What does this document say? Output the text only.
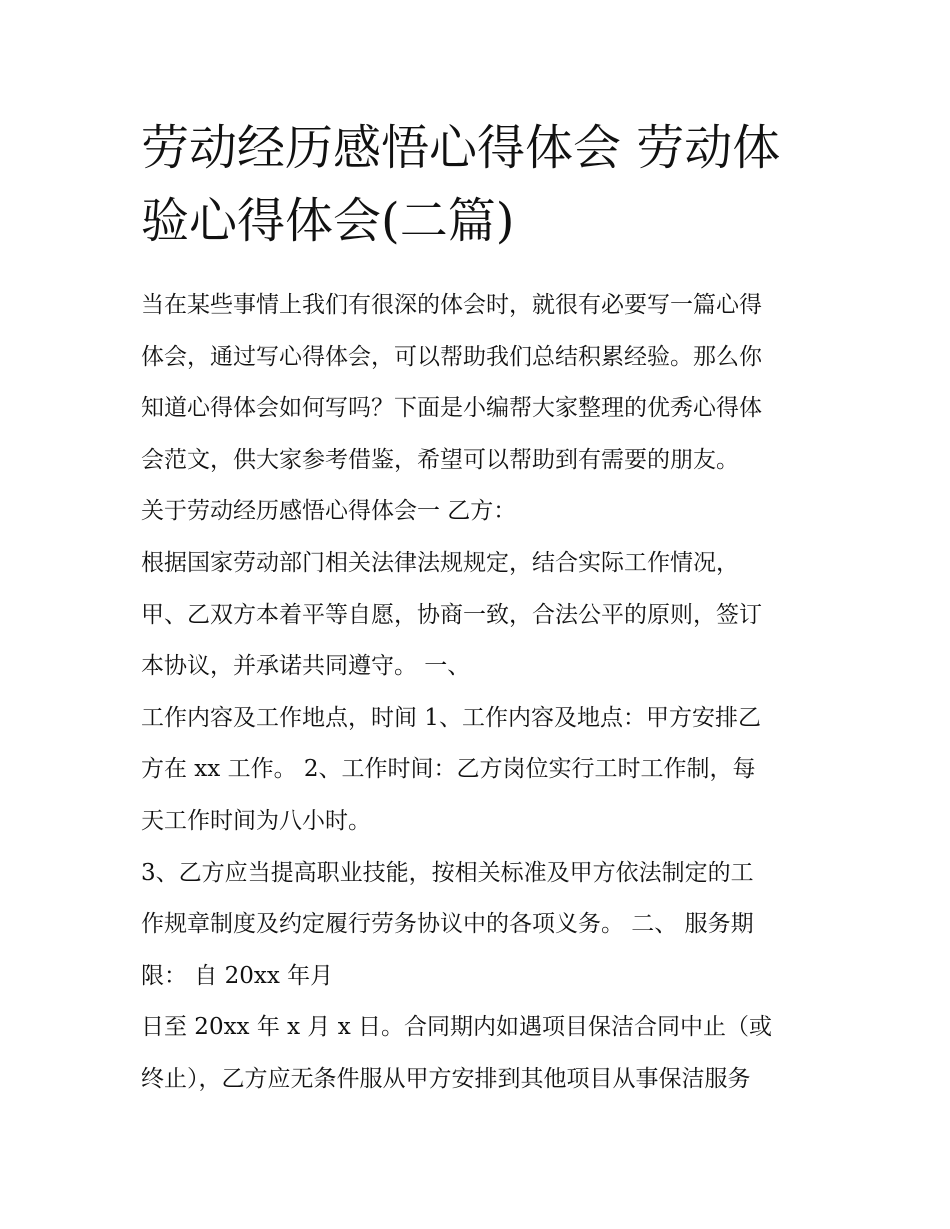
劳动经历感悟心得体会 劳动体验心得体会(二篇)
当在某些事情上我们有很深的体会时，就很有必要写一篇心得
体会，通过写心得体会，可以帮助我们总结积累经验。那么你
知道心得体会如何写吗？下面是小编帮大家整理的优秀心得体
会范文，供大家参考借鉴，希望可以帮助到有需要的朋友。
关于劳动经历感悟心得体会一 乙方：
根据国家劳动部门相关法律法规规定，结合实际工作情况，
甲、乙双方本着平等自愿，协商一致，合法公平的原则，签订
本协议，并承诺共同遵守。 一、
工作内容及工作地点，时间 1、工作内容及地点：甲方安排乙
方在 xx 工作。 2、工作时间：乙方岗位实行工时工作制，每
天工作时间为八小时。
3、乙方应当提高职业技能，按相关标准及甲方依法制定的工
作规章制度及约定履行劳务协议中的各项义务。 二、 服务期
限： 自 20xx 年月
日至 20xx 年 x 月 x 日。合同期内如遇项目保洁合同中止（或
终止），乙方应无条件服从甲方安排到其他项目从事保洁服务
